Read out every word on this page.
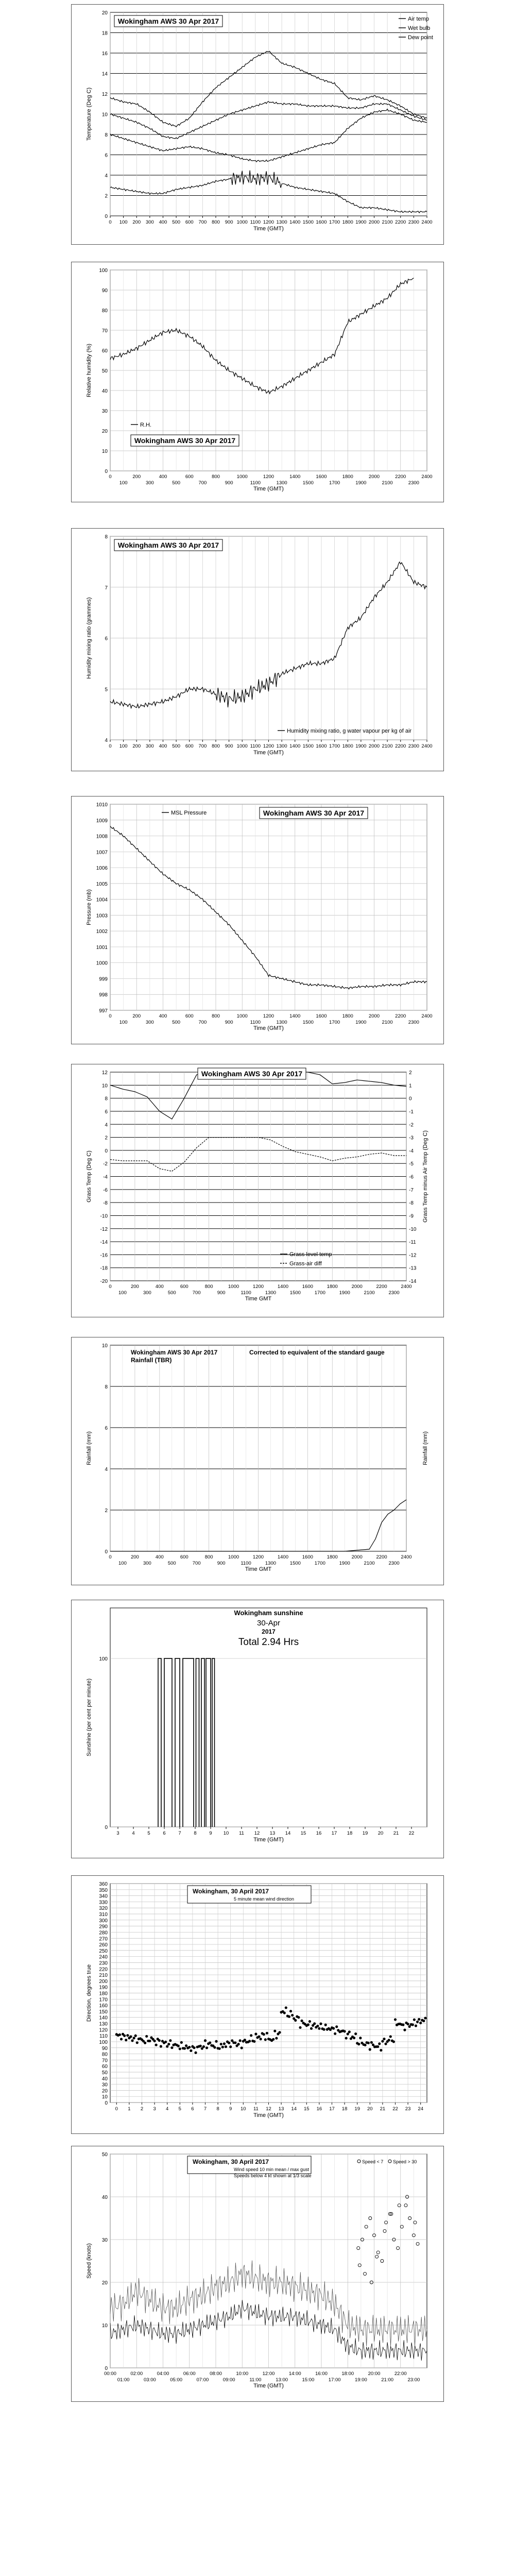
0
2
4
6
8
10
12
14
16
18
20
0 100 200 300 400 500 600 700 800 900 1000 1100 1200 1300 1400 1500 1600 1700 1800 1900 2000 2100 2200 2300 2400
Time (GMT)
Temperature (Deg C)
Wokingham AWS 30 Apr 2017	Air temp
Wet bulb
Dew point
0
10
20
30
40
50
60
70
80
90
100
0	200	400	600	800	1000	1200	1400	1600	1800	2000	2200	2400
100	300	500	700	900	1100	1300	1500	1700	1900	2100	2300
Time (GMT)
Relative humidity (%)
Wokingham AWS 30 Apr 2017
R.H.
4
5
6
7
8
0 100 200 300 400 500 600 700 800 900 1000 1100 1200 1300 1400 1500 1600 1700 1800 1900 2000 2100 2200 2300 2400
Time (GMT)
Humidity mixing ratio (grammes)
Wokingham AWS 30 Apr 2017
Humidity mixing ratio, g water vapour per kg of air
997
998
999
1000
1001
1002
1003
1004
1005
1006
1007
1008
1009
1010
0	200	400	600	800	1000	1200	1400	1600	1800	2000	2200	2400
100	300	500	700	900	1100	1300	1500	1700	1900	2100	2300
Time (GMT)
Pressure (mb)
Wokingham AWS 30 Apr 2017
MSL Pressure
12
10
8
6
4
2
0
-2
-4
-6
-8
-10
-12
-14
-16
-18
-20
2
1
0
-1
-2
-3
-4
-5
-6
-7
-8
-9
-10
-11
-12
-13
-14
0	200	400	600	800	1000	1200	1400	1600	1800	2000	2200	2400
100	300	500	700	900	1100	1300	1500	1700	1900	2100	2300
Time GMT
Grass Temp (Deg C)	Grass Temp minus Air Temp (Deg C)
Wokingham AWS 30 Apr 2017
Grass level temp
Grass-air diff
0
2
4
6
8
10
0	200	400	600	800	1000	1200	1400	1600	1800	2000	2200	2400
100	300	500	700	900	1100	1300	1500	1700	1900	2100	2300
Time GMT
Rainfall (mm)	Rainfall (mm)
Wokingham AWS 30 Apr 2017
Rainfall (TBR)
Corrected to equivalent of the standard gauge
0
100
3	4	5	6	7	8	9 10 11 12 13 14 15 16 17 18 19 20 21 22
Time (GMT)
Sunshine (per cent per minute)
Wokingham sunshine
30-Apr
2017
Total 2.94 Hrs
0
10
20
30
40
50
60
70
80
90
100
110
120
130
140
150
160
170
180
190
200
210
220
230
240
250
260
270
280
290
300
310
320
330
340
350
360
0 1 2 3 4 5 6 7 8 9 10 11 12 13 14 15 16 17 18 19 20 21 22 23 24
Time (GMT)
Direction, degrees true
Wokingham, 30 April 2017
5 minute mean wind direction
0
10
20
30
40
50
00:00	02:00	04:00	06:00	08:00	10:00	12:00	14:00	16:00	18:00	20:00	22:00
01:00	03:00	05:00	07:00	09:00	11:00	13:00	15:00	17:00	19:00	21:00	23:00
Time (GMT)
Speed (knots)
Wokingham, 30 April 2017
Wind speed 10 min mean / max gust
Speeds below 4 kt shown at 1/3 scale
Speed < 7 Speed > 30
